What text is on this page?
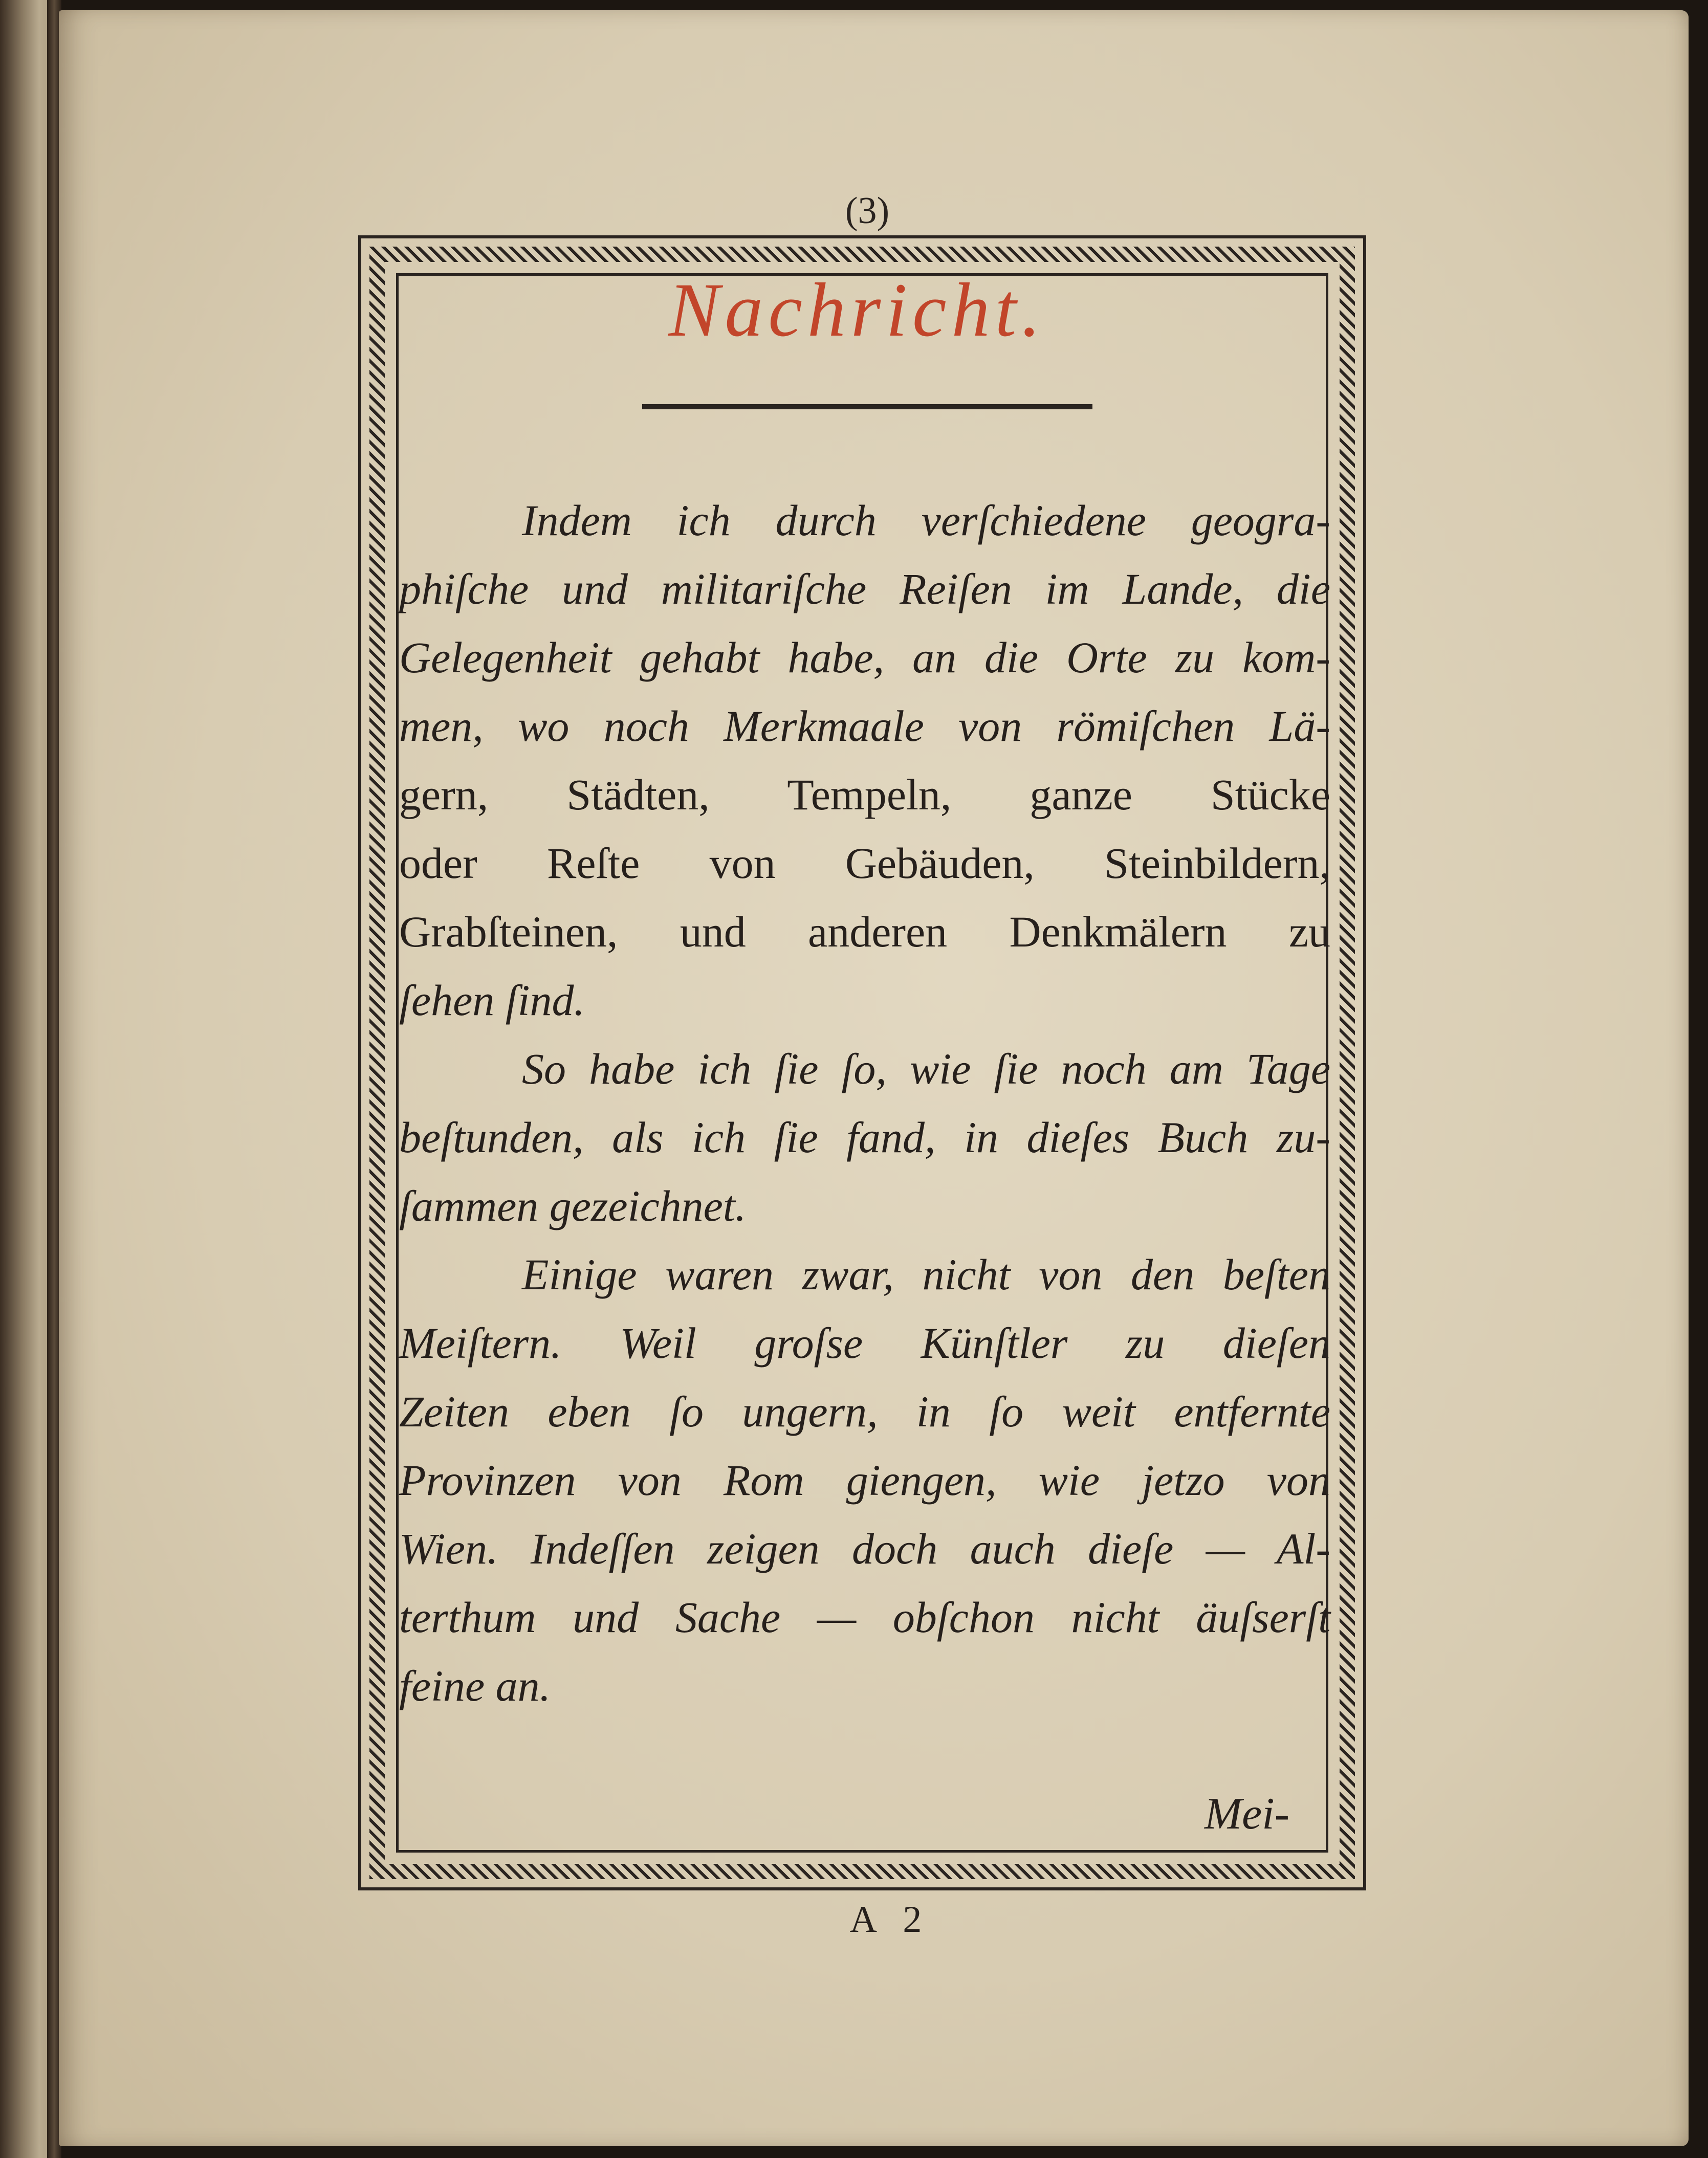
(3)
Nachricht.
Indem ich durch verſchiedene geogra-
phiſche und militariſche Reiſen im Lande, die
Gelegenheit gehabt habe, an die Orte zu kom-
men, wo noch Merkmaale von römiſchen Lä-
gern, Städten, Tempeln, ganze Stücke
oder Reſte von Gebäuden, Steinbildern,
Grabſteinen, und anderen Denkmälern zu
ſehen ſind.
So habe ich ſie ſo, wie ſie noch am Tage
beſtunden, als ich ſie fand, in dieſes Buch zu-
ſammen gezeichnet.
Einige waren zwar, nicht von den beſten
Meiſtern. Weil groſse Künſtler zu dieſen
Zeiten eben ſo ungern, in ſo weit entfernte
Provinzen von Rom giengen, wie jetzo von
Wien. Indeſſen zeigen doch auch dieſe — Al-
terthum und Sache — obſchon nicht äuſserſt
feine an.
Mei-
A 2
